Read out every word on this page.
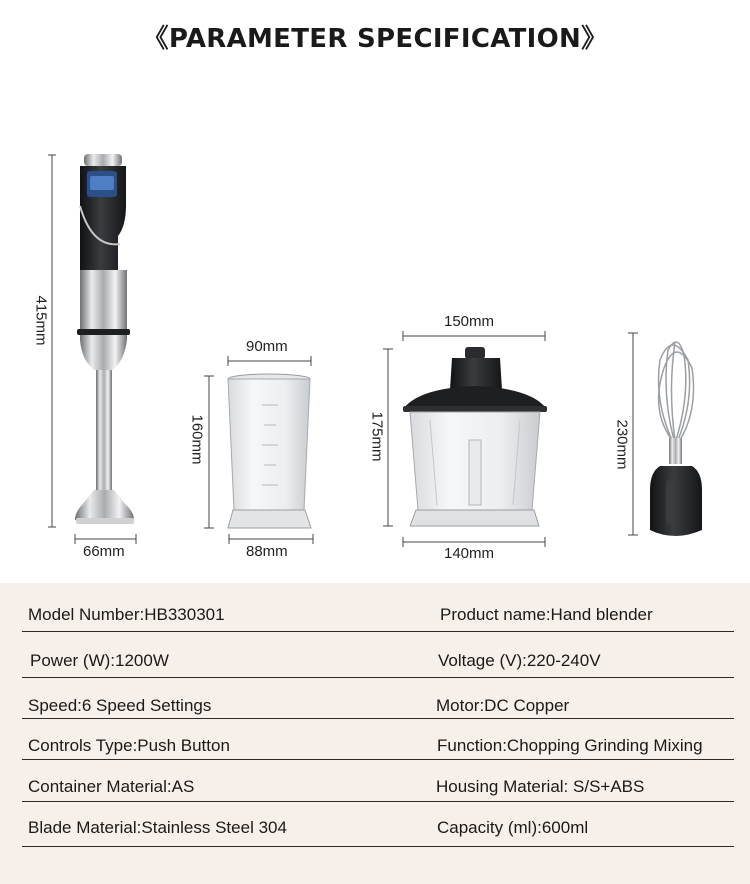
《PARAMETER SPECIFICATION》
415mm
66mm
90mm
160mm
88mm
150mm
175mm
140mm
230mm
Model Number:HB330301	Product name:Hand blender
Power (W):1200W	Voltage (V):220-240V
Speed:6 Speed Settings	Motor:DC Copper
Controls Type:Push Button	Function:Chopping Grinding Mixing
Container Material:AS	Housing Material: S/S+ABS
Blade Material:Stainless Steel 304	Capacity (ml):600ml
